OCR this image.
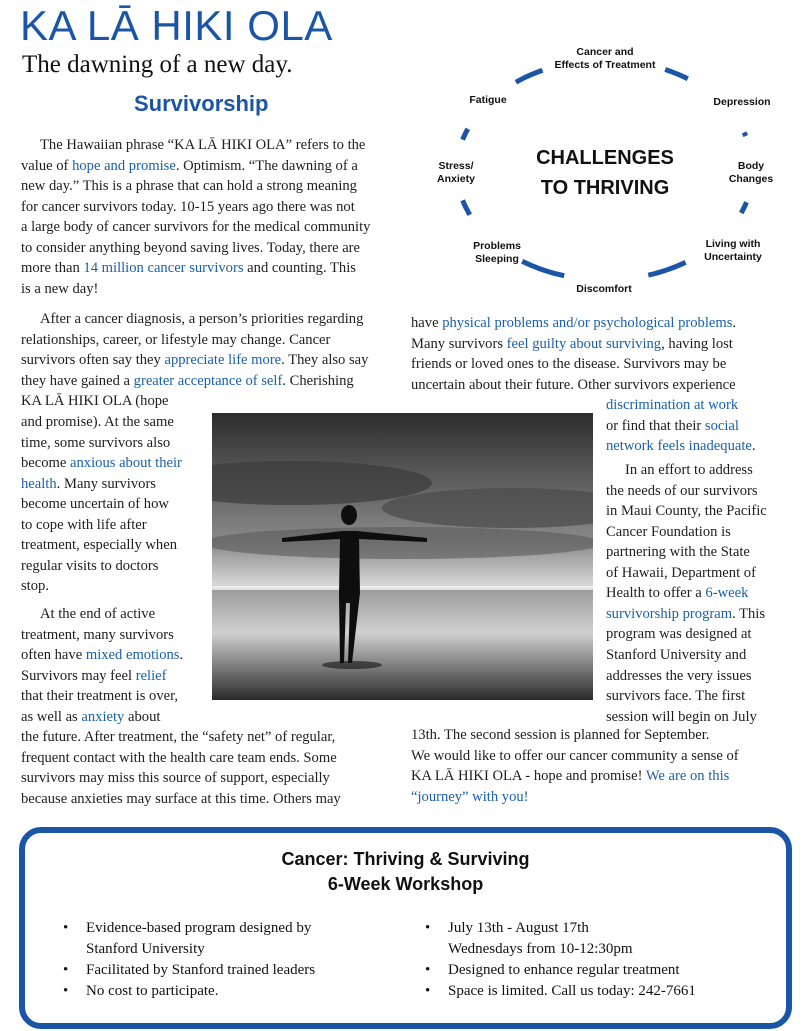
KA LĀ HIKI OLA
The dawning of a new day.
Survivorship
CHALLENGES
TO THRIVING
Cancer and
Effects of Treatment
Depression
Body
Changes
Living with
Uncertainty
Discomfort
Problems
Sleeping
Stress/
Anxiety
Fatigue
The Hawaiian phrase “KA LĀ HIKI OLA” refers to the
value of hope and promise. Optimism. “The dawning of a
new day.” This is a phrase that can hold a strong meaning
for cancer survivors today. 10-15 years ago there was not
a large body of cancer survivors for the medical community
to consider anything beyond saving lives. Today, there are
more than 14 million cancer survivors and counting. This
is a new day!
After a cancer diagnosis, a person’s priorities regarding
relationships, career, or lifestyle may change. Cancer
survivors often say they appreciate life more. They also say
they have gained a greater acceptance of self. Cherishing
KA LĀ HIKI OLA (hope
and promise). At the same
time, some survivors also
become anxious about their
health. Many survivors
become uncertain of how
to cope with life after
treatment, especially when
regular visits to doctors
stop.
At the end of active
treatment, many survivors
often have mixed emotions.
Survivors may feel relief
that their treatment is over,
as well as anxiety about
the future. After treatment, the “safety net” of regular,
frequent contact with the health care team ends. Some
survivors may miss this source of support, especially
because anxieties may surface at this time. Others may
have physical problems and/or psychological problems.
Many survivors feel guilty about surviving, having lost
friends or loved ones to the disease. Survivors may be
uncertain about their future. Other survivors experience
discrimination at work
or find that their social
network feels inadequate.
In an effort to address
the needs of our survivors
in Maui County, the Pacific
Cancer Foundation is
partnering with the State
of Hawaii, Department of
Health to offer a 6-week
survivorship program. This
program was designed at
Stanford University and
addresses the very issues
survivors face. The first
session will begin on July
13th. The second session is planned for September.
We would like to offer our cancer community a sense of
KA LĀ HIKI OLA - hope and promise! We are on this
“journey” with you!
Cancer: Thriving & Surviving
6-Week Workshop
• Evidence-based program designed by
Stanford University
• Facilitated by Stanford trained leaders
• No cost to participate.
• July 13th - August 17th
Wednesdays from 10-12:30pm
• Designed to enhance regular treatment
• Space is limited. Call us today: 242-7661
